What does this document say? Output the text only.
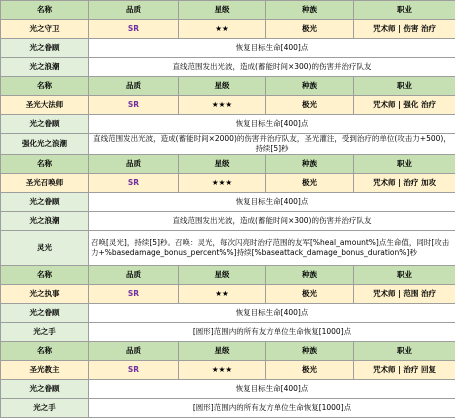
名称	品质	星级	种族	职业
光之守卫	SR	★★	极光	咒术师 | 伤害 治疗
光之眷顾	恢复目标生命[400]点			
光之浪潮	直线范围发出光波，造成(蓄能时间×300)的伤害并治疗队友			
名称	品质	星级	种族	职业
圣光大法师	SR	★★★	极光	咒术师 | 强化 治疗
光之眷顾	恢复目标生命[400]点			
强化光之浪潮	直线范围发出光波，造成(蓄能时间×2000)的伤害并治疗队友，圣光灌注，受到治疗的单位(攻击力+500)，持续[5]秒			
名称	品质	星级	种族	职业
圣光召唤师	SR	★★★	极光	咒术师 | 治疗 加攻
光之眷顾	恢复目标生命[400]点			
光之浪潮	直线范围发出光波，造成(蓄能时间×300)的伤害并治疗队友			
灵光	召唤[灵光]，持续[5]秒。召唤：灵光，每次闪亮时治疗范围的友军[%heal_amount%]点生命值，同时[攻击力+%basedamage_bonus_percent%%]持续[%baseattack_damage_bonus_duration%]秒			
名称	品质	星级	种族	职业
光之执事	SR	★★	极光	咒术师 | 范围 治疗
光之眷顾	恢复目标生命[400]点			
光之手	[圆形]范围内的所有友方单位生命恢复[1000]点			
名称	品质	星级	种族	职业
圣光教主	SR	★★★	极光	咒术师 | 治疗 回复
光之眷顾	恢复目标生命[400]点			
光之手	[圆形]范围内的所有友方单位生命恢复[1000]点			
